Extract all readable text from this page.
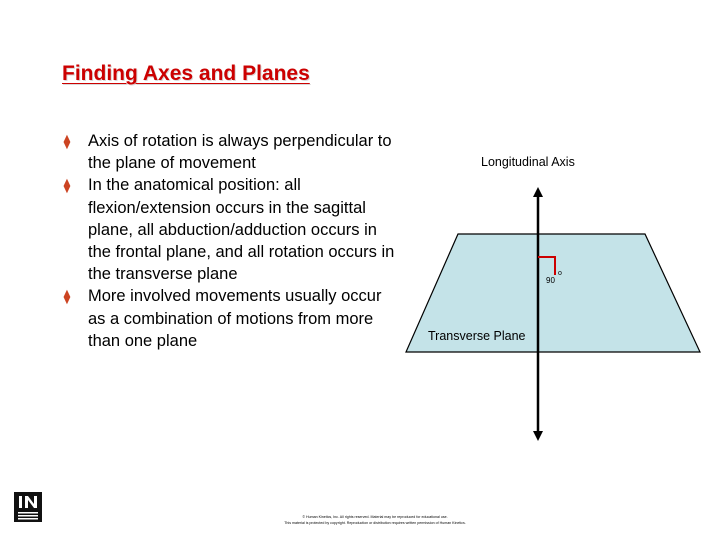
Finding Axes and Planes
⧫ Axis of rotation is always perpendicular to the plane of movement
⧫ In the anatomical position: all flexion/extension occurs in the sagittal plane, all abduction/adduction occurs in the frontal plane, and all rotation occurs in the transverse plane
⧫ More involved movements usually occur as a combination of motions from more than one plane
Longitudinal Axis
Transverse Plane
90
o
© Human Kinetics, Inc. All rights reserved. Material may be reproduced for educational use.
This material is protected by copyright. Reproduction or distribution requires written permission of Human Kinetics.
